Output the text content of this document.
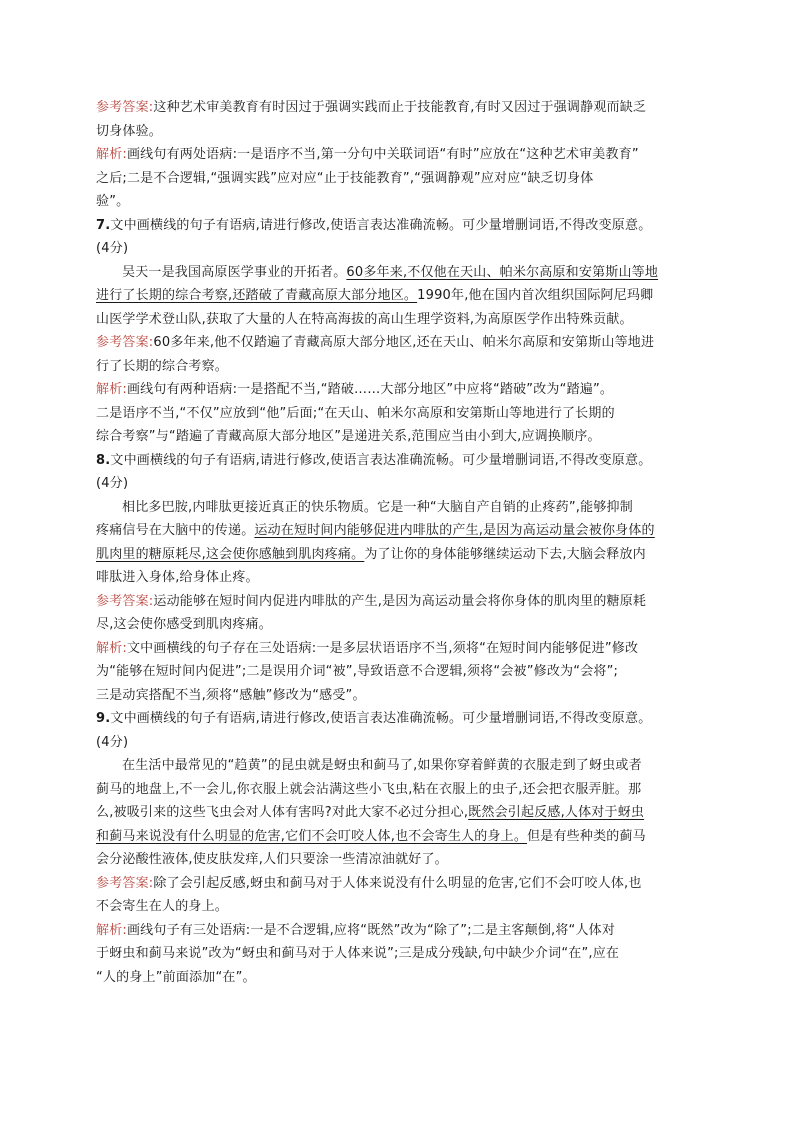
参考答案:这种艺术审美教育有时因过于强调实践而止于技能教育,有时又因过于强调静观而缺乏
切身体验。
解析:画线句有两处语病:一是语序不当,第一分句中关联词语“有时”应放在“这种艺术审美教育”
之后;二是不合逻辑,“强调实践”应对应“止于技能教育”,“强调静观”应对应“缺乏切身体
验”。
7.文中画横线的句子有语病,请进行修改,使语言表达准确流畅。可少量增删词语,不得改变原意。
(4分)
吴天一是我国高原医学事业的开拓者。60多年来,不仅他在天山、帕米尔高原和安第斯山等地
进行了长期的综合考察,还踏破了青藏高原大部分地区。1990年,他在国内首次组织国际阿尼玛卿
山医学学术登山队,获取了大量的人在特高海拔的高山生理学资料,为高原医学作出特殊贡献。
参考答案:60多年来,他不仅踏遍了青藏高原大部分地区,还在天山、帕米尔高原和安第斯山等地进
行了长期的综合考察。
解析:画线句有两种语病:一是搭配不当,“踏破……大部分地区”中应将“踏破”改为“踏遍”。
二是语序不当,“不仅”应放到“他”后面;“在天山、帕米尔高原和安第斯山等地进行了长期的
综合考察”与“踏遍了青藏高原大部分地区”是递进关系,范围应当由小到大,应调换顺序。
8.文中画横线的句子有语病,请进行修改,使语言表达准确流畅。可少量增删词语,不得改变原意。
(4分)
相比多巴胺,内啡肽更接近真正的快乐物质。它是一种“大脑自产自销的止疼药”,能够抑制
疼痛信号在大脑中的传递。运动在短时间内能够促进内啡肽的产生,是因为高运动量会被你身体的
肌肉里的糖原耗尽,这会使你感触到肌肉疼痛。为了让你的身体能够继续运动下去,大脑会释放内
啡肽进入身体,给身体止疼。
参考答案:运动能够在短时间内促进内啡肽的产生,是因为高运动量会将你身体的肌肉里的糖原耗
尽,这会使你感受到肌肉疼痛。
解析:文中画横线的句子存在三处语病:一是多层状语语序不当,须将“在短时间内能够促进”修改
为“能够在短时间内促进”;二是误用介词“被”,导致语意不合逻辑,须将“会被”修改为“会将”;
三是动宾搭配不当,须将“感触”修改为“感受”。
9.文中画横线的句子有语病,请进行修改,使语言表达准确流畅。可少量增删词语,不得改变原意。
(4分)
在生活中最常见的“趋黄”的昆虫就是蚜虫和蓟马了,如果你穿着鲜黄的衣服走到了蚜虫或者
蓟马的地盘上,不一会儿,你衣服上就会沾满这些小飞虫,粘在衣服上的虫子,还会把衣服弄脏。那
么,被吸引来的这些飞虫会对人体有害吗?对此大家不必过分担心,既然会引起反感,人体对于蚜虫
和蓟马来说没有什么明显的危害,它们不会叮咬人体,也不会寄生人的身上。但是有些种类的蓟马
会分泌酸性液体,使皮肤发痒,人们只要涂一些清凉油就好了。
参考答案:除了会引起反感,蚜虫和蓟马对于人体来说没有什么明显的危害,它们不会叮咬人体,也
不会寄生在人的身上。
解析:画线句子有三处语病:一是不合逻辑,应将“既然”改为“除了”;二是主客颠倒,将“人体对
于蚜虫和蓟马来说”改为“蚜虫和蓟马对于人体来说”;三是成分残缺,句中缺少介词“在”,应在
“人的身上”前面添加“在”。
